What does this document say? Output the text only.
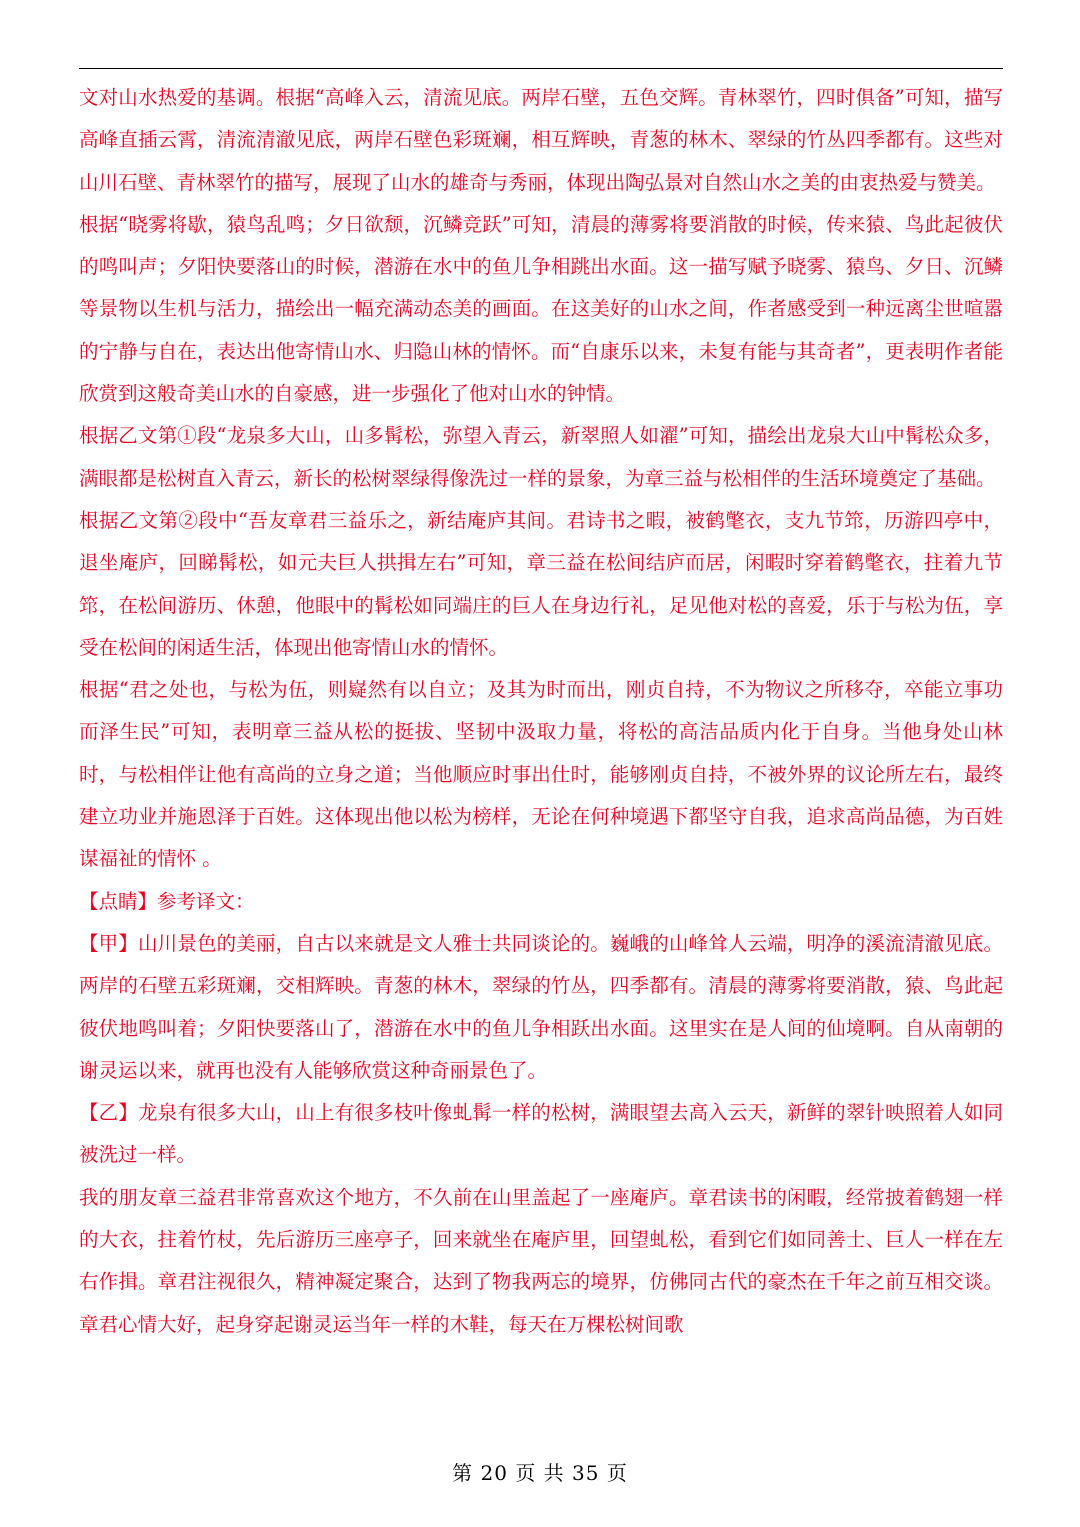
文对山水热爱的基调。根据“高峰入云，清流见底。两岸石壁，五色交辉。青林翠竹，四时俱备”可知，描写高峰直插云霄，清流清澈见底，两岸石壁色彩斑斓，相互辉映，青葱的林木、翠绿的竹丛四季都有。这些对山川石壁、青林翠竹的描写，展现了山水的雄奇与秀丽，体现出陶弘景对自然山水之美的由衷热爱与赞美。

根据“晓雾将歇，猿鸟乱鸣；夕日欲颓，沉鳞竞跃”可知，清晨的薄雾将要消散的时候，传来猿、鸟此起彼伏的鸣叫声；夕阳快要落山的时候，潜游在水中的鱼儿争相跳出水面。这一描写赋予晓雾、猿鸟、夕日、沉鳞等景物以生机与活力，描绘出一幅充满动态美的画面。在这美好的山水之间，作者感受到一种远离尘世喧嚣的宁静与自在，表达出他寄情山水、归隐山林的情怀。而“自康乐以来，未复有能与其奇者”，更表明作者能欣赏到这般奇美山水的自豪感，进一步强化了他对山水的钟情。

根据乙文第①段“龙泉多大山，山多髯松，弥望入青云，新翠照人如濯”可知，描绘出龙泉大山中髯松众多，满眼都是松树直入青云，新长的松树翠绿得像洗过一样的景象，为章三益与松相伴的生活环境奠定了基础。

根据乙文第②段中“吾友章君三益乐之，新结庵庐其间。君诗书之暇，被鹤氅衣，支九节筇，历游四亭中，退坐庵庐，回睇髯松，如元夫巨人拱揖左右”可知，章三益在松间结庐而居，闲暇时穿着鹤氅衣，拄着九节筇，在松间游历、休憩，他眼中的髯松如同端庄的巨人在身边行礼，足见他对松的喜爱，乐于与松为伍，享受在松间的闲适生活，体现出他寄情山水的情怀。

根据“君之处也，与松为伍，则嶷然有以自立；及其为时而出，刚贞自持，不为物议之所移夺，卒能立事功而泽生民”可知，表明章三益从松的挺拔、坚韧中汲取力量，将松的高洁品质内化于自身。当他身处山林时，与松相伴让他有高尚的立身之道；当他顺应时事出仕时，能够刚贞自持，不被外界的议论所左右，最终建立功业并施恩泽于百姓。这体现出他以松为榜样，无论在何种境遇下都坚守自我，追求高尚品德，为百姓谋福祉的情怀 。

【点睛】参考译文：

【甲】山川景色的美丽，自古以来就是文人雅士共同谈论的。巍峨的山峰耸人云端，明净的溪流清澈见底。两岸的石壁五彩斑斓，交相辉映。青葱的林木，翠绿的竹丛，四季都有。清晨的薄雾将要消散，猿、鸟此起彼伏地鸣叫着；夕阳快要落山了，潜游在水中的鱼儿争相跃出水面。这里实在是人间的仙境啊。自从南朝的谢灵运以来，就再也没有人能够欣赏这种奇丽景色了。

【乙】龙泉有很多大山，山上有很多枝叶像虬髯一样的松树，满眼望去高入云天，新鲜的翠针映照着人如同被洗过一样。

我的朋友章三益君非常喜欢这个地方，不久前在山里盖起了一座庵庐。章君读书的闲暇，经常披着鹤翅一样的大衣，拄着竹杖，先后游历三座亭子，回来就坐在庵庐里，回望虬松，看到它们如同善士、巨人一样在左右作揖。章君注视很久，精神凝定聚合，达到了物我两忘的境界，仿佛同古代的豪杰在千年之前互相交谈。章君心情大好，起身穿起谢灵运当年一样的木鞋，每天在万棵松树间歌

第 20 页 共 35 页
